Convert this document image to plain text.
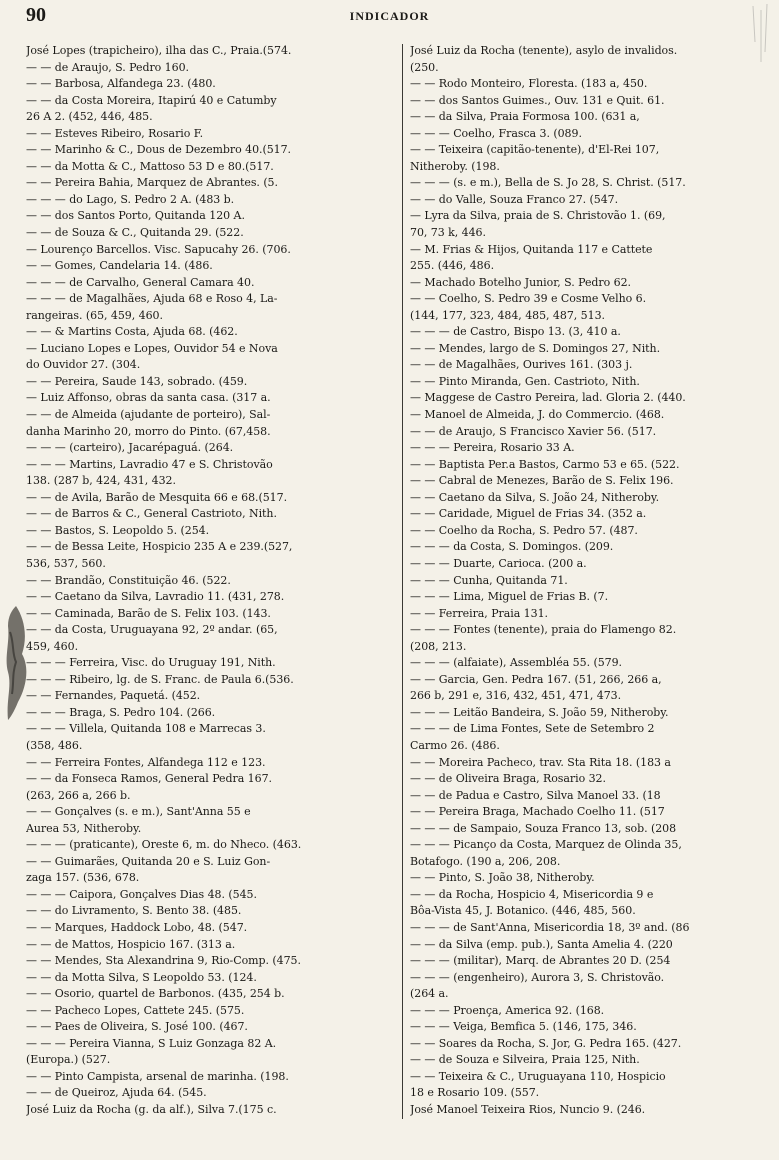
90	INDICADOR
José Lopes (trapicheiro), ilha das C., Praia.(574.
— — de Araujo, S. Pedro 160.
— — Barbosa, Alfandega 23. (480.
— — da Costa Moreira, Itapirú 40 e Catumby
26 A 2. (452, 446, 485.
— — Esteves Ribeiro, Rosario F.
— — Marinho & C., Dous de Dezembro 40.(517.
— — da Motta & C., Mattoso 53 D e 80.(517.
— — Pereira Bahia, Marquez de Abrantes. (5.
— — — do Lago, S. Pedro 2 A. (483 b.
— — dos Santos Porto, Quitanda 120 A.
— — de Souza & C., Quitanda 29. (522.
— Lourenço Barcellos. Visc. Sapucahy 26. (706.
— — Gomes, Candelaria 14. (486.
— — — de Carvalho, General Camara 40.
— — — de Magalhães, Ajuda 68 e Roso 4, La-
rangeiras. (65, 459, 460.
— — & Martins Costa, Ajuda 68. (462.
— Luciano Lopes e Lopes, Ouvidor 54 e Nova
do Ouvidor 27. (304.
— — Pereira, Saude 143, sobrado. (459.
— Luiz Affonso, obras da santa casa. (317 a.
— — de Almeida (ajudante de porteiro), Sal-
danha Marinho 20, morro do Pinto. (67,458.
— — — (carteiro), Jacarépaguá. (264.
— — — Martins, Lavradio 47 e S. Christovão
138. (287 b, 424, 431, 432.
— — de Avila, Barão de Mesquita 66 e 68.(517.
— — de Barros & C., General Castrioto, Nith.
— — Bastos, S. Leopoldo 5. (254.
— — de Bessa Leite, Hospicio 235 A e 239.(527,
536, 537, 560.
— — Brandão, Constituição 46. (522.
— — Caetano da Silva, Lavradio 11. (431, 278.
— — Caminada, Barão de S. Felix 103. (143.
— — da Costa, Uruguayana 92, 2º andar. (65,
459, 460.
— — — Ferreira, Visc. do Uruguay 191, Nith.
— — — Ribeiro, lg. de S. Franc. de Paula 6.(536.
— — Fernandes, Paquetá. (452.
— — — Braga, S. Pedro 104. (266.
— — — Villela, Quitanda 108 e Marrecas 3.
(358, 486.
— — Ferreira Fontes, Alfandega 112 e 123.
— — da Fonseca Ramos, General Pedra 167.
(263, 266 a, 266 b.
— — Gonçalves (s. e m.), Sant'Anna 55 e
Aurea 53, Nitheroby.
— — — (praticante), Oreste 6, m. do Nheco. (463.
— — Guimarães, Quitanda 20 e S. Luiz Gon-
zaga 157. (536, 678.
— — — Caipora, Gonçalves Dias 48. (545.
— — do Livramento, S. Bento 38. (485.
— — Marques, Haddock Lobo, 48. (547.
— — de Mattos, Hospicio 167. (313 a.
— — Mendes, Sta Alexandrina 9, Rio-Comp. (475.
— — da Motta Silva, S Leopoldo 53. (124.
— — Osorio, quartel de Barbonos. (435, 254 b.
— — Pacheco Lopes, Cattete 245. (575.
— — Paes de Oliveira, S. José 100. (467.
— — — Pereira Vianna, S Luiz Gonzaga 82 A.
(Europa.) (527.
— — Pinto Campista, arsenal de marinha. (198.
— — de Queiroz, Ajuda 64. (545.
José Luiz da Rocha (g. da alf.), Silva 7.(175 c.
José Luiz da Rocha (tenente), asylo de invalidos.
(250.
— — Rodo Monteiro, Floresta. (183 a, 450.
— — dos Santos Guimes., Ouv. 131 e Quit. 61.
— — da Silva, Praia Formosa 100. (631 a,
— — — Coelho, Frasca 3. (089.
— — Teixeira (capitão-tenente), d'El-Rei 107,
Nitheroby. (198.
— — — (s. e m.), Bella de S. Jo 28, S. Christ. (517.
— — do Valle, Souza Franco 27. (547.
— Lyra da Silva, praia de S. Christovão 1. (69,
70, 73 k, 446.
— M. Frias & Hijos, Quitanda 117 e Cattete
255. (446, 486.
— Machado Botelho Junior, S. Pedro 62.
— — Coelho, S. Pedro 39 e Cosme Velho 6.
(144, 177, 323, 484, 485, 487, 513.
— — — de Castro, Bispo 13. (3, 410 a.
— — Mendes, largo de S. Domingos 27, Nith.
— — de Magalhães, Ourives 161. (303 j.
— — Pinto Miranda, Gen. Castrioto, Nith.
— Maggese de Castro Pereira, lad. Gloria 2. (440.
— Manoel de Almeida, J. do Commercio. (468.
— — de Araujo, S Francisco Xavier 56. (517.
— — — Pereira, Rosario 33 A.
— — Baptista Per.a Bastos, Carmo 53 e 65. (522.
— — Cabral de Menezes, Barão de S. Felix 196.
— — Caetano da Silva, S. João 24, Nitheroby.
— — Caridade, Miguel de Frias 34. (352 a.
— — Coelho da Rocha, S. Pedro 57. (487.
— — — da Costa, S. Domingos. (209.
— — — Duarte, Carioca. (200 a.
— — — Cunha, Quitanda 71.
— — — Lima, Miguel de Frias B. (7.
— — Ferreira, Praia 131.
— — — Fontes (tenente), praia do Flamengo 82.
(208, 213.
— — — (alfaiate), Assembléa 55. (579.
— — Garcia, Gen. Pedra 167. (51, 266, 266 a,
266 b, 291 e, 316, 432, 451, 471, 473.
— — — Leitão Bandeira, S. João 59, Nitheroby.
— — — de Lima Fontes, Sete de Setembro 2
Carmo 26. (486.
— — Moreira Pacheco, trav. Sta Rita 18. (183 a
— — de Oliveira Braga, Rosario 32.
— — de Padua e Castro, Silva Manoel 33. (18
— — Pereira Braga, Machado Coelho 11. (517
— — — de Sampaio, Souza Franco 13, sob. (208
— — — Picanço da Costa, Marquez de Olinda 35,
Botafogo. (190 a, 206, 208.
— — Pinto, S. João 38, Nitheroby.
— — da Rocha, Hospicio 4, Misericordia 9 e
Bôa-Vista 45, J. Botanico. (446, 485, 560.
— — — de Sant'Anna, Misericordia 18, 3º and. (86
— — da Silva (emp. pub.), Santa Amelia 4. (220
— — — (militar), Marq. de Abrantes 20 D. (254
— — — (engenheiro), Aurora 3, S. Christovão.
(264 a.
— — — Proença, America 92. (168.
— — — Veiga, Bemfica 5. (146, 175, 346.
— — Soares da Rocha, S. Jor, G. Pedra 165. (427.
— — de Souza e Silveira, Praia 125, Nith.
— — Teixeira & C., Uruguayana 110, Hospicio
18 e Rosario 109. (557.
José Manoel Teixeira Rios, Nuncio 9. (246.
